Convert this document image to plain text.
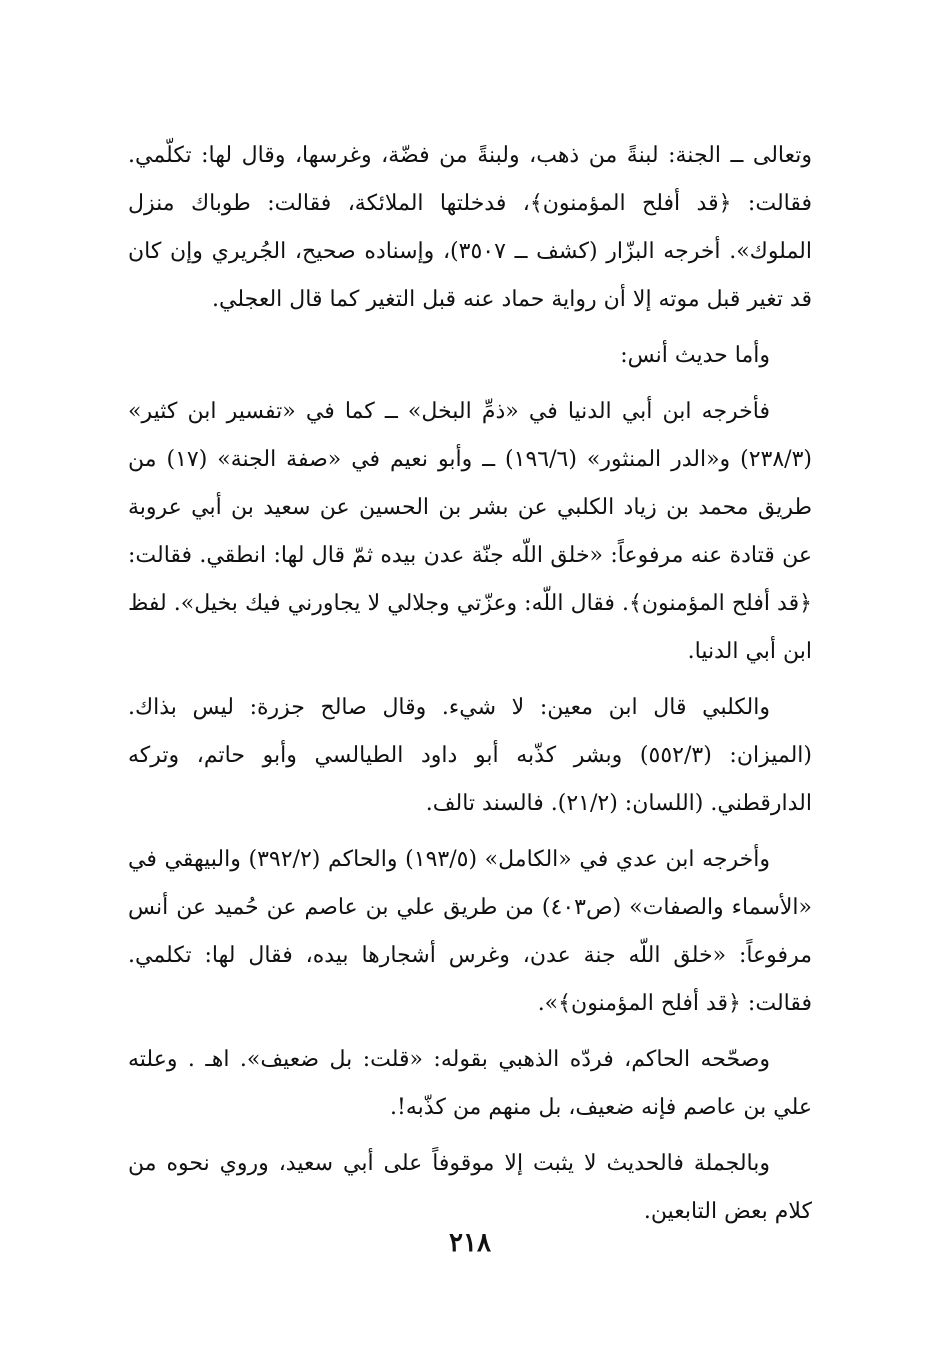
وتعالى ــ الجنة: لبنةً من ذهب، ولبنةً من فضّة، وغرسها، وقال لها: تكلّمي. فقالت: ﴿قد أفلح المؤمنون﴾، فدخلتها الملائكة، فقالت: طوباك منزل الملوك». أخرجه البزّار (كشف ــ ٣٥٠٧)، وإسناده صحيح، الجُريري وإن كان قد تغير قبل موته إلا أن رواية حماد عنه قبل التغير كما قال العجلي.

وأما حديث أنس:

فأخرجه ابن أبي الدنيا في «ذمِّ البخل» ــ كما في «تفسير ابن كثير» (٢٣٨/٣) و«الدر المنثور» (١٩٦/٦) ــ وأبو نعيم في «صفة الجنة» (١٧) من طريق محمد بن زياد الكلبي عن بشر بن الحسين عن سعيد بن أبي عروبة عن قتادة عنه مرفوعاً: «خلق اللّه جنّة عدن بيده ثمّ قال لها: انطقي. فقالت: ﴿قد أفلح المؤمنون﴾. فقال اللّه: وعزّتي وجلالي لا يجاورني فيك بخيل». لفظ ابن أبي الدنيا.

والكلبي قال ابن معين: لا شيء. وقال صالح جزرة: ليس بذاك. (الميزان: (٥٥٢/٣) وبشر كذّبه أبو داود الطيالسي وأبو حاتم، وتركه الدارقطني. (اللسان: (٢١/٢). فالسند تالف.

وأخرجه ابن عدي في «الكامل» (١٩٣/٥) والحاكم (٣٩٢/٢) والبيهقي في «الأسماء والصفات» (ص٤٠٣) من طريق علي بن عاصم عن حُميد عن أنس مرفوعاً: «خلق اللّه جنة عدن، وغرس أشجارها بيده، فقال لها: تكلمي. فقالت: ﴿قد أفلح المؤمنون﴾».

وصحّحه الحاكم، فردّه الذهبي بقوله: «قلت: بل ضعيف». اهـ . وعلته علي بن عاصم فإنه ضعيف، بل منهم من كذّبه!.

وبالجملة فالحديث لا يثبت إلا موقوفاً على أبي سعيد، وروي نحوه من كلام بعض التابعين.

٢١٨
